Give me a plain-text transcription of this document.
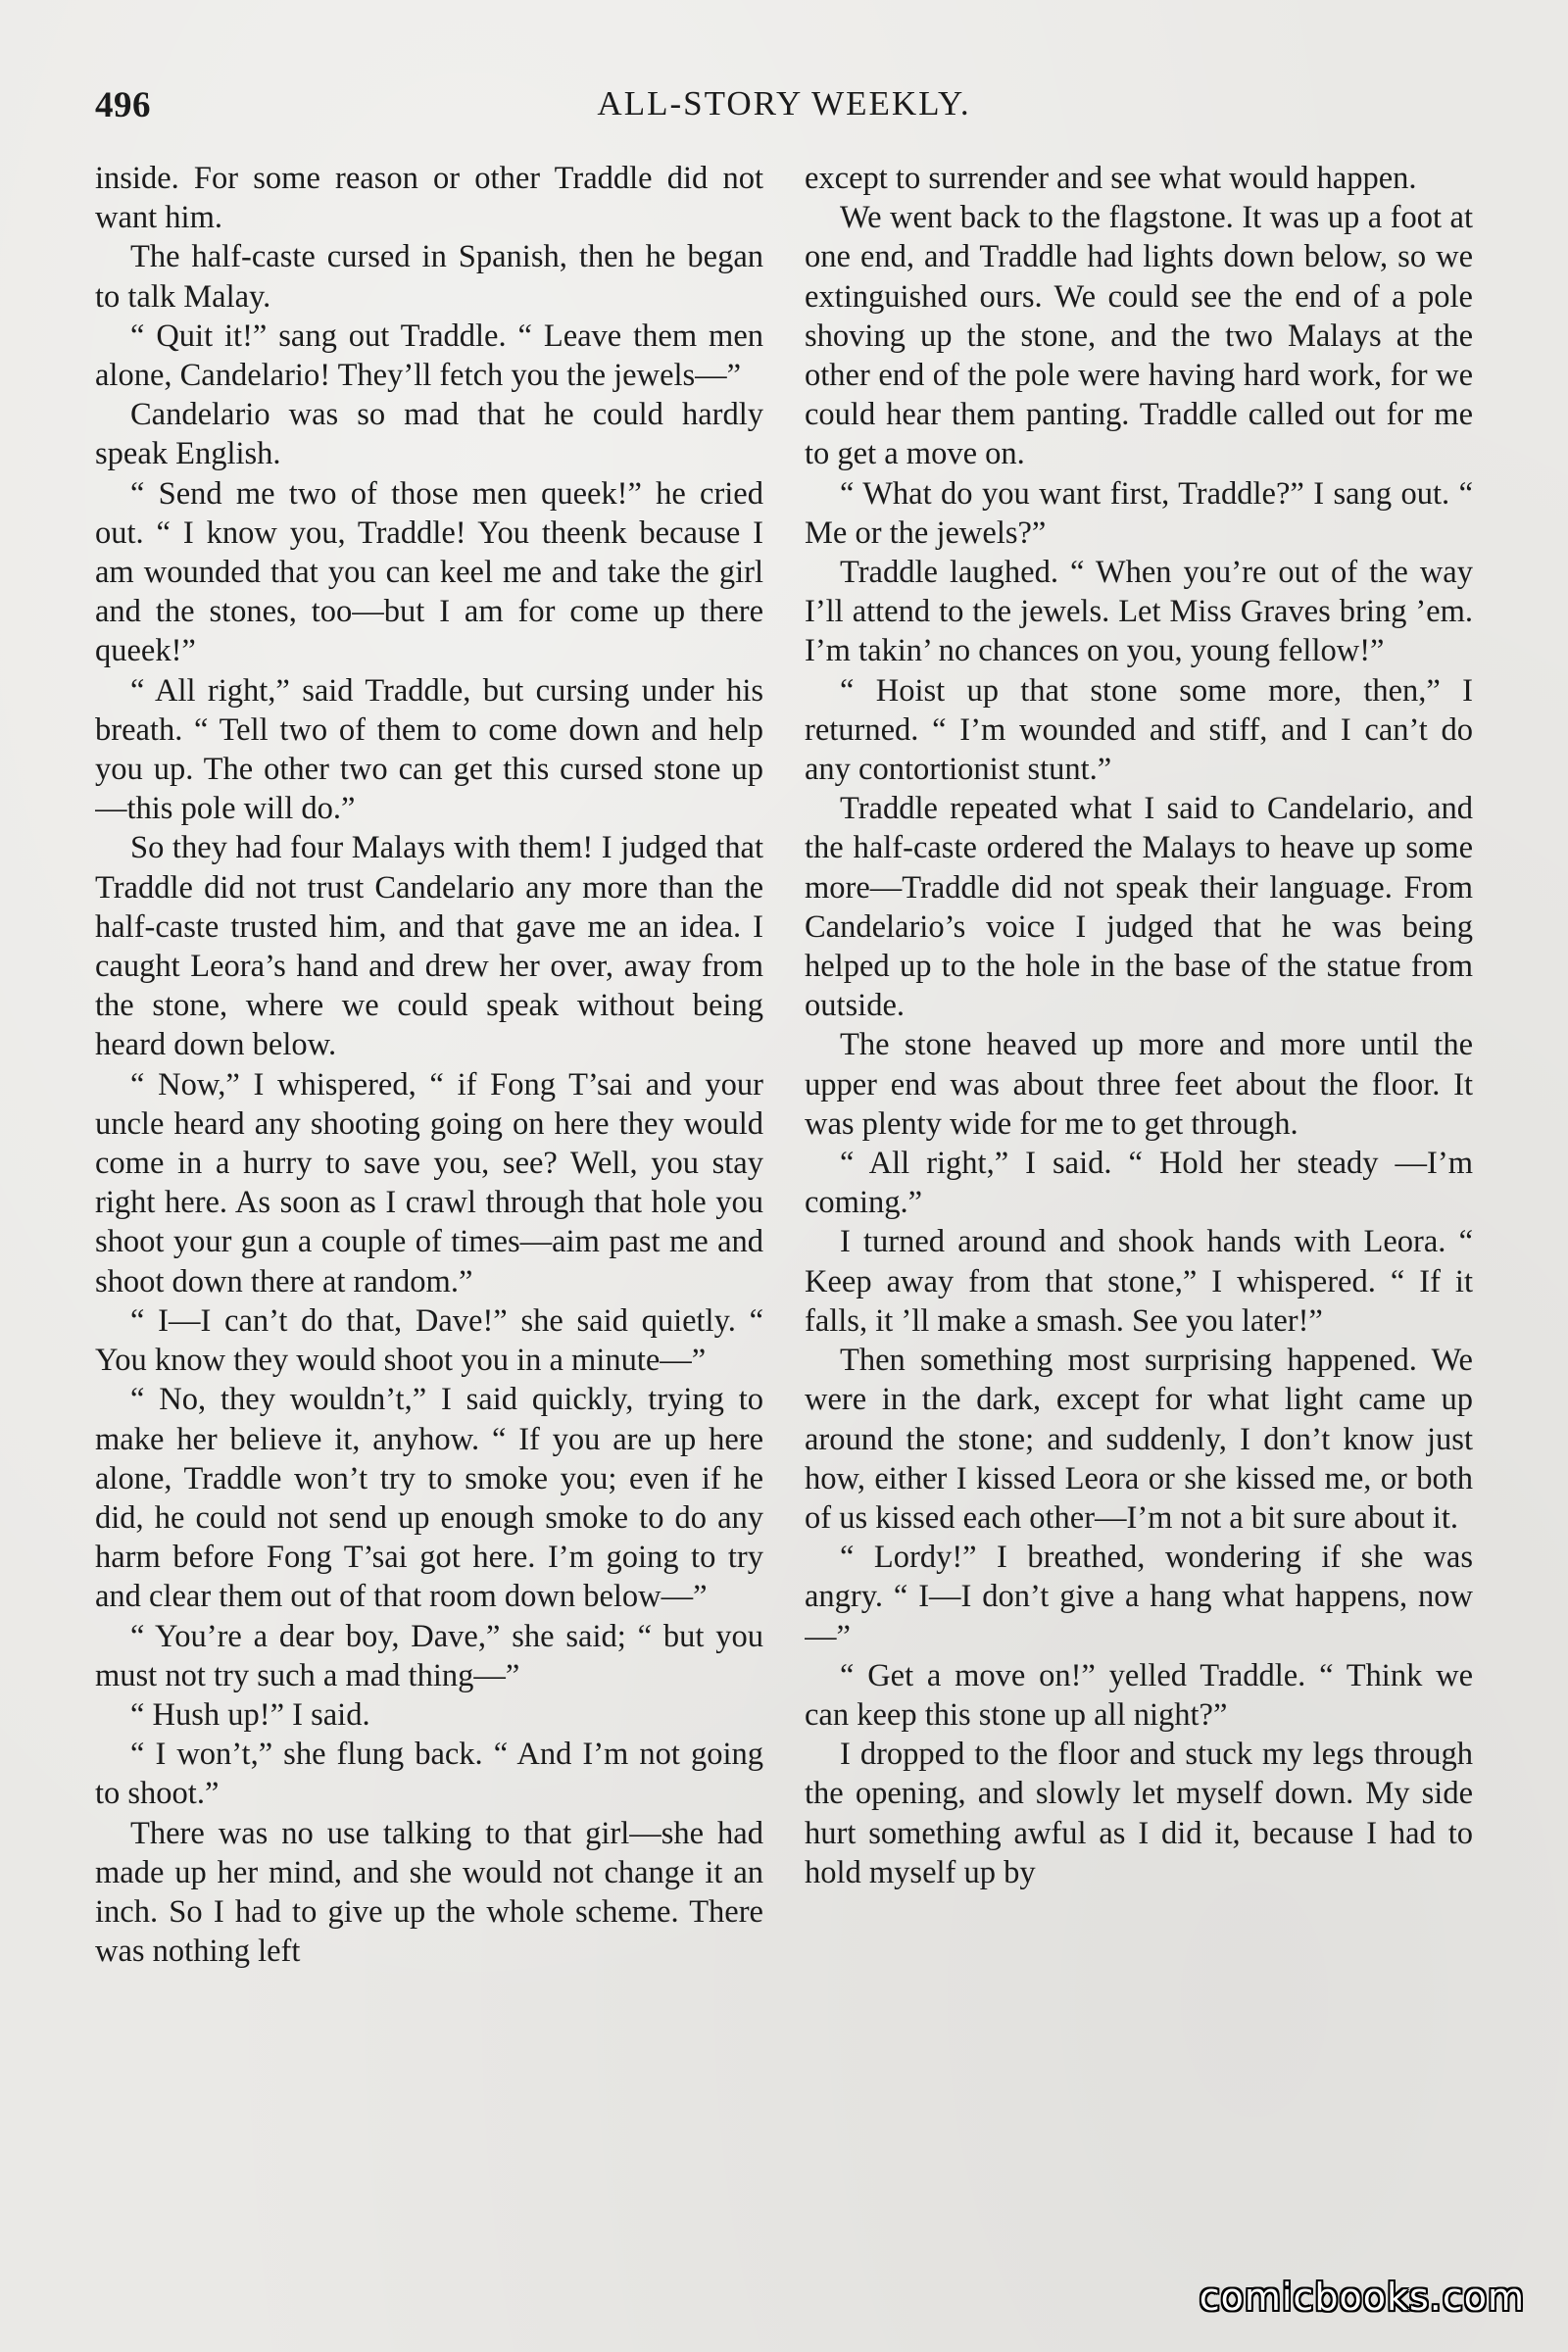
496	ALL-STORY WEEKLY.

inside. For some reason or other Traddle did not want him.

The half-caste cursed in Spanish, then he began to talk Malay.

“ Quit it!” sang out Traddle. “ Leave them men alone, Candelario! They’ll fetch you the jewels—”

Candelario was so mad that he could hardly speak English.

“ Send me two of those men queek!” he cried out. “ I know you, Traddle! You theenk because I am wounded that you can keel me and take the girl and the stones, too—but I am for come up there queek!”

“ All right,” said Traddle, but cursing under his breath. “ Tell two of them to come down and help you up. The other two can get this cursed stone up—this pole will do.”

So they had four Malays with them! I judged that Traddle did not trust Candelario any more than the half-caste trusted him, and that gave me an idea. I caught Leora’s hand and drew her over, away from the stone, where we could speak without being heard down below.

“ Now,” I whispered, “ if Fong T’sai and your uncle heard any shooting going on here they would come in a hurry to save you, see? Well, you stay right here. As soon as I crawl through that hole you shoot your gun a couple of times—aim past me and shoot down there at random.”

“ I—I can’t do that, Dave!” she said quietly. “ You know they would shoot you in a minute—”

“ No, they wouldn’t,” I said quickly, trying to make her believe it, anyhow. “ If you are up here alone, Traddle won’t try to smoke you; even if he did, he could not send up enough smoke to do any harm before Fong T’sai got here. I’m going to try and clear them out of that room down below—”

“ You’re a dear boy, Dave,” she said; “ but you must not try such a mad thing—”

“ Hush up!” I said.

“ I won’t,” she flung back. “ And I’m not going to shoot.”

There was no use talking to that girl—she had made up her mind, and she would not change it an inch. So I had to give up the whole scheme. There was nothing left

except to surrender and see what would happen.

We went back to the flagstone. It was up a foot at one end, and Traddle had lights down below, so we extinguished ours. We could see the end of a pole shoving up the stone, and the two Malays at the other end of the pole were having hard work, for we could hear them panting. Traddle called out for me to get a move on.

“ What do you want first, Traddle?” I sang out. “ Me or the jewels?”

Traddle laughed. “ When you’re out of the way I’ll attend to the jewels. Let Miss Graves bring ’em. I’m takin’ no chances on you, young fellow!”

“ Hoist up that stone some more, then,” I returned. “ I’m wounded and stiff, and I can’t do any contortionist stunt.”

Traddle repeated what I said to Candelario, and the half-caste ordered the Malays to heave up some more—Traddle did not speak their language. From Candelario’s voice I judged that he was being helped up to the hole in the base of the statue from outside.

The stone heaved up more and more until the upper end was about three feet about the floor. It was plenty wide for me to get through.

“ All right,” I said. “ Hold her steady —I’m coming.”

I turned around and shook hands with Leora. “ Keep away from that stone,” I whispered. “ If it falls, it ’ll make a smash. See you later!”

Then something most surprising happened. We were in the dark, except for what light came up around the stone; and suddenly, I don’t know just how, either I kissed Leora or she kissed me, or both of us kissed each other—I’m not a bit sure about it.

“ Lordy!” I breathed, wondering if she was angry. “ I—I don’t give a hang what happens, now—”

“ Get a move on!” yelled Traddle. “ Think we can keep this stone up all night?”

I dropped to the floor and stuck my legs through the opening, and slowly let myself down. My side hurt something awful as I did it, because I had to hold myself up by

comicbooks.com
